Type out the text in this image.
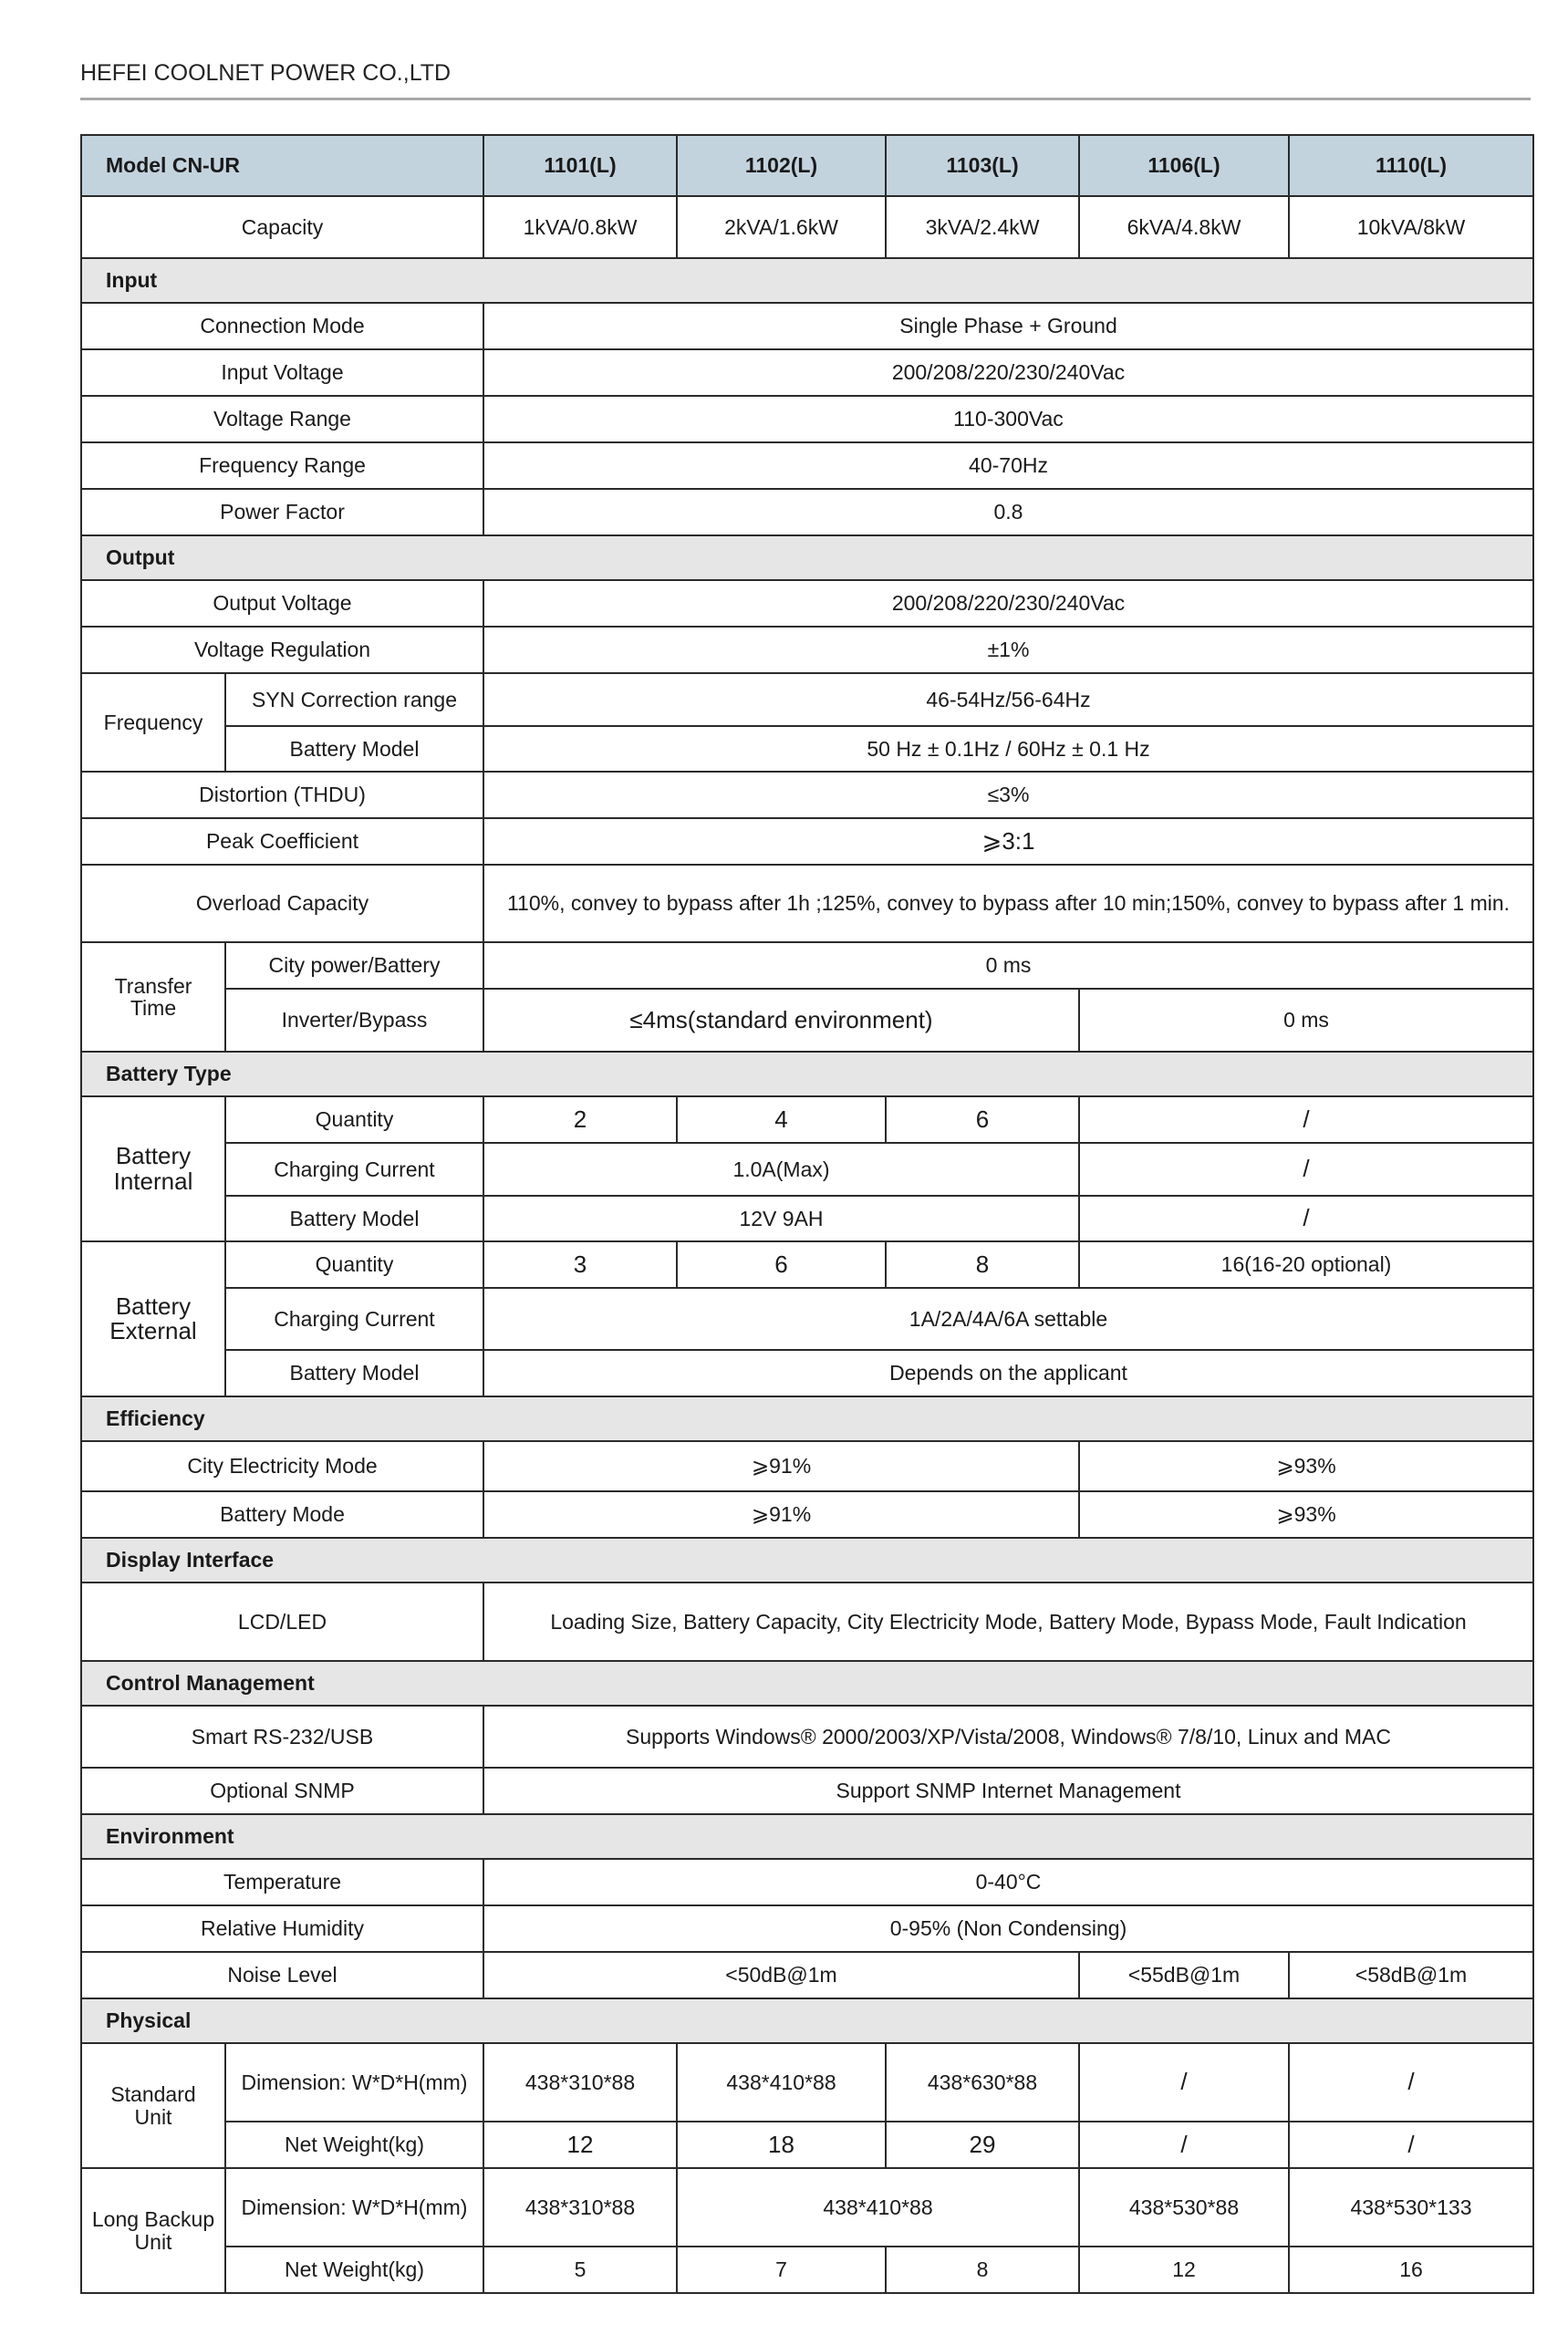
HEFEI COOLNET POWER CO.,LTD
Model CN-UR		1101(L)	1102(L)	1103(L)	1106(L)	1110(L)
Capacity		1kVA/0.8kW	2kVA/1.6kW	3kVA/2.4kW	6kVA/4.8kW	10kVA/8kW
Input						
Connection Mode		Single Phase + Ground				
Input Voltage		200/208/220/230/240Vac				
Voltage Range		110-300Vac				
Frequency Range		40-70Hz				
Power Factor		0.8				
Output						
Output Voltage		200/208/220/230/240Vac				
Voltage Regulation		±1%				
Frequency	SYN Correction range	46-54Hz/56-64Hz				
	Battery Model	50 Hz ± 0.1Hz / 60Hz ± 0.1 Hz				
Distortion (THDU)		≤3%				
Peak Coefficient		⩾3:1				
Overload Capacity		110%, convey to bypass after 1h ;125%, convey to bypass after 10 min;150%, convey to bypass after 1 min.				
Transfer Time	City power/Battery	0 ms				
	Inverter/Bypass	≤4ms(standard environment)			0 ms	
Battery Type						
Battery Internal	Quantity	2	4	6	/	
	Charging Current	1.0A(Max)			/	
	Battery Model	12V 9AH			/	
Battery External	Quantity	3	6	8	16(16-20 optional)	
	Charging Current	1A/2A/4A/6A settable				
	Battery Model	Depends on the applicant				
Efficiency						
City Electricity Mode		⩾91%			⩾93%	
Battery Mode		⩾91%			⩾93%	
Display Interface						
LCD/LED		Loading Size, Battery Capacity, City Electricity Mode, Battery Mode, Bypass Mode, Fault Indication				
Control Management						
Smart RS-232/USB		Supports Windows® 2000/2003/XP/Vista/2008, Windows® 7/8/10, Linux and MAC				
Optional SNMP		Support SNMP Internet Management				
Environment						
Temperature		0-40°C				
Relative Humidity		0-95% (Non Condensing)				
Noise Level		<50dB@1m			<55dB@1m	<58dB@1m
Physical						
Standard Unit	Dimension: W*D*H(mm)	438*310*88	438*410*88	438*630*88	/	/
	Net Weight(kg)	12	18	29	/	/
Long Backup Unit	Dimension: W*D*H(mm)	438*310*88	438*410*88		438*530*88	438*530*133
	Net Weight(kg)	5	7	8	12	16
